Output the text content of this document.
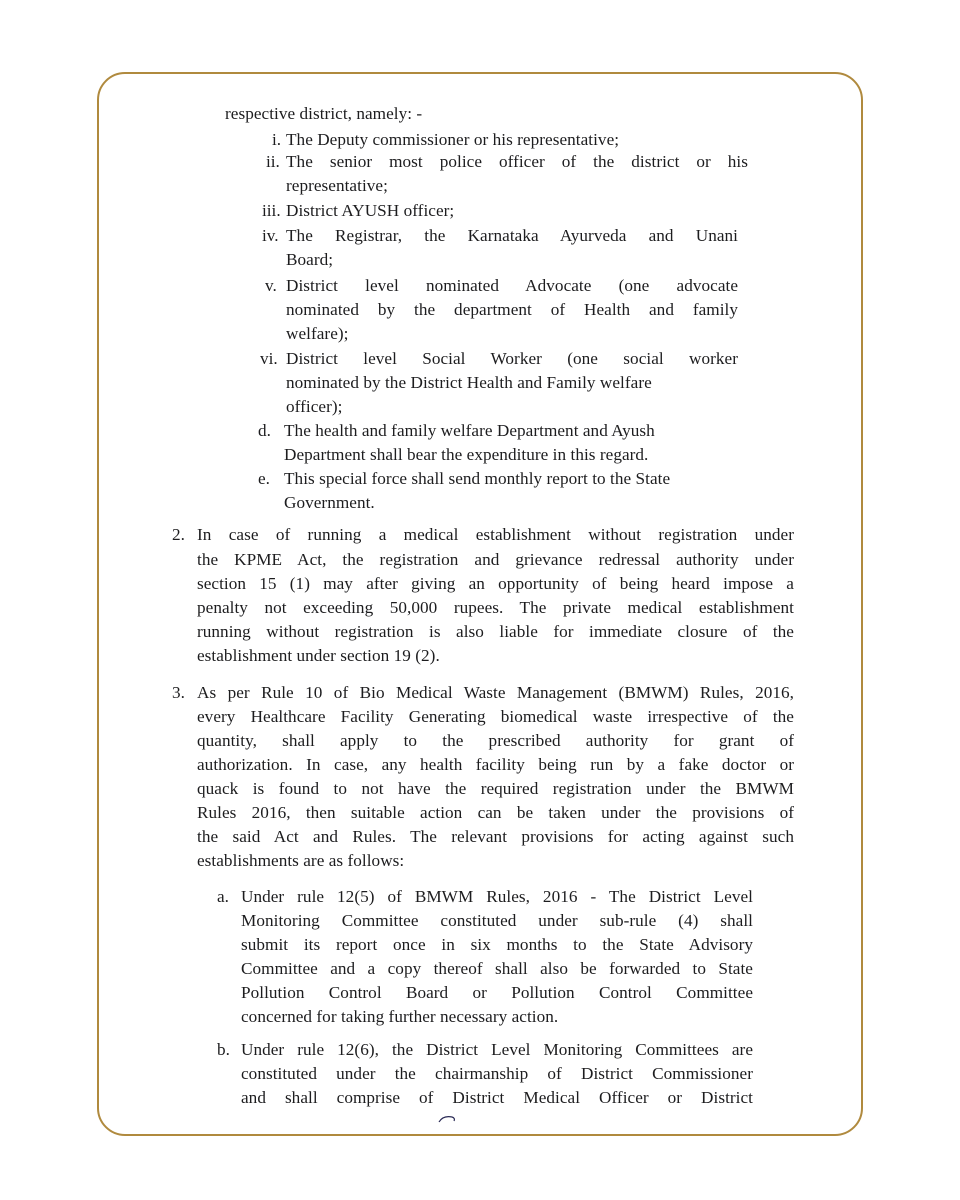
respective district, namely: -
i. The Deputy commissioner or his representative;
ii. The senior most police officer of the district or his
representative;
iii. District AYUSH officer;
iv. The Registrar, the Karnataka Ayurveda and Unani
Board;
v. District level nominated Advocate (one advocate
nominated by the department of Health and family
welfare);
vi. District level Social Worker (one social worker
nominated by the District Health and Family welfare
officer);
d. The health and family welfare Department and Ayush
Department shall bear the expenditure in this regard.
e. This special force shall send monthly report to the State
Government.
2. In case of running a medical establishment without registration under
the KPME Act, the registration and grievance redressal authority under
section 15 (1) may after giving an opportunity of being heard impose a
penalty not exceeding 50,000 rupees. The private medical establishment
running without registration is also liable for immediate closure of the
establishment under section 19 (2).
3. As per Rule 10 of Bio Medical Waste Management (BMWM) Rules, 2016,
every Healthcare Facility Generating biomedical waste irrespective of the
quantity, shall apply to the prescribed authority for grant of
authorization. In case, any health facility being run by a fake doctor or
quack is found to not have the required registration under the BMWM
Rules 2016, then suitable action can be taken under the provisions of
the said Act and Rules. The relevant provisions for acting against such
establishments are as follows:
a. Under rule 12(5) of BMWM Rules, 2016 - The District Level
Monitoring Committee constituted under sub-rule (4) shall
submit its report once in six months to the State Advisory
Committee and a copy thereof shall also be forwarded to State
Pollution Control Board or Pollution Control Committee
concerned for taking further necessary action.
b. Under rule 12(6), the District Level Monitoring Committees are
constituted under the chairmanship of District Commissioner
and shall comprise of District Medical Officer or District
